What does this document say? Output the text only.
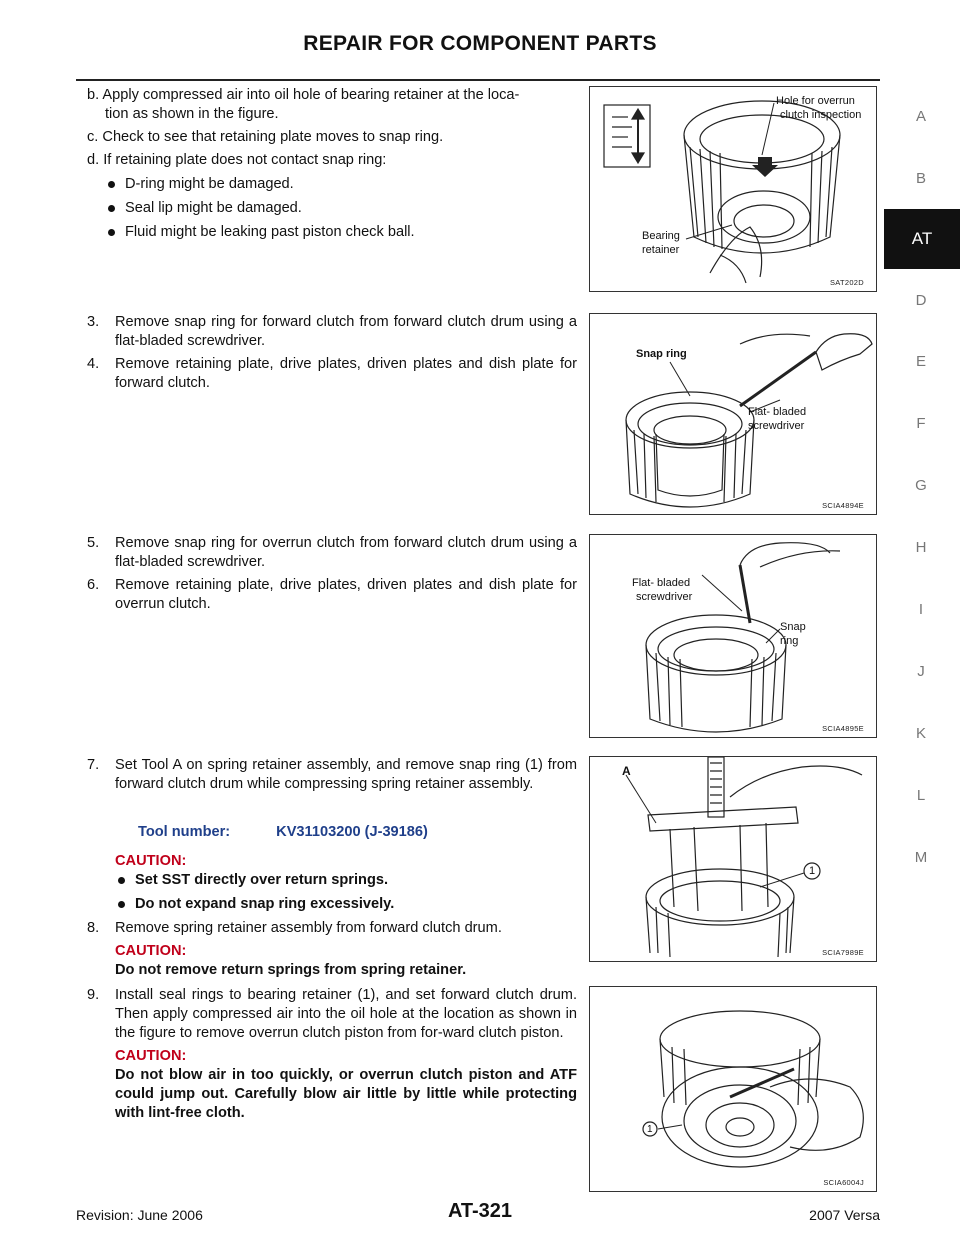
REPAIR FOR COMPONENT PARTS
A
B
AT
D
E
F
G
H
I
J
K
L
M
b. Apply compressed air into oil hole of bearing retainer at the loca-
tion as shown in the figure.
c. Check to see that retaining plate moves to snap ring.
d. If retaining plate does not contact snap ring:
D-ring might be damaged.
Seal lip might be damaged.
Fluid might be leaking past piston check ball.
3. Remove snap ring for forward clutch from forward clutch drum using a flat-bladed screwdriver.
4. Remove retaining plate, drive plates, driven plates and dish plate for forward clutch.
5. Remove snap ring for overrun clutch from forward clutch drum using a flat-bladed screwdriver.
6. Remove retaining plate, drive plates, driven plates and dish plate for overrun clutch.
7. Set Tool A on spring retainer assembly, and remove snap ring (1) from forward clutch drum while compressing spring retainer assembly.
Tool number:	KV31103200 (J-39186)
CAUTION:
Set SST directly over return springs.
Do not expand snap ring excessively.
8. Remove spring retainer assembly from forward clutch drum.
CAUTION:
Do not remove return springs from spring retainer.
9. Install seal rings to bearing retainer (1), and set forward clutch drum. Then apply compressed air into the oil hole at the location as shown in the figure to remove overrun clutch piston from for-ward clutch piston.
CAUTION:
Do not blow air in too quickly, or overrun clutch piston and ATF could jump out. Carefully blow air little by little while protecting with lint-free cloth.
Hole for overrun
clutch inspection
Bearing
retainer
SAT202D
Snap ring
Flat- bladed
screwdriver
SCIA4894E
Flat- bladed
screwdriver
Snap
ring
SCIA4895E
A
1
SCIA7989E
1
SCIA6004J
Revision: June 2006	AT-321	2007 Versa
